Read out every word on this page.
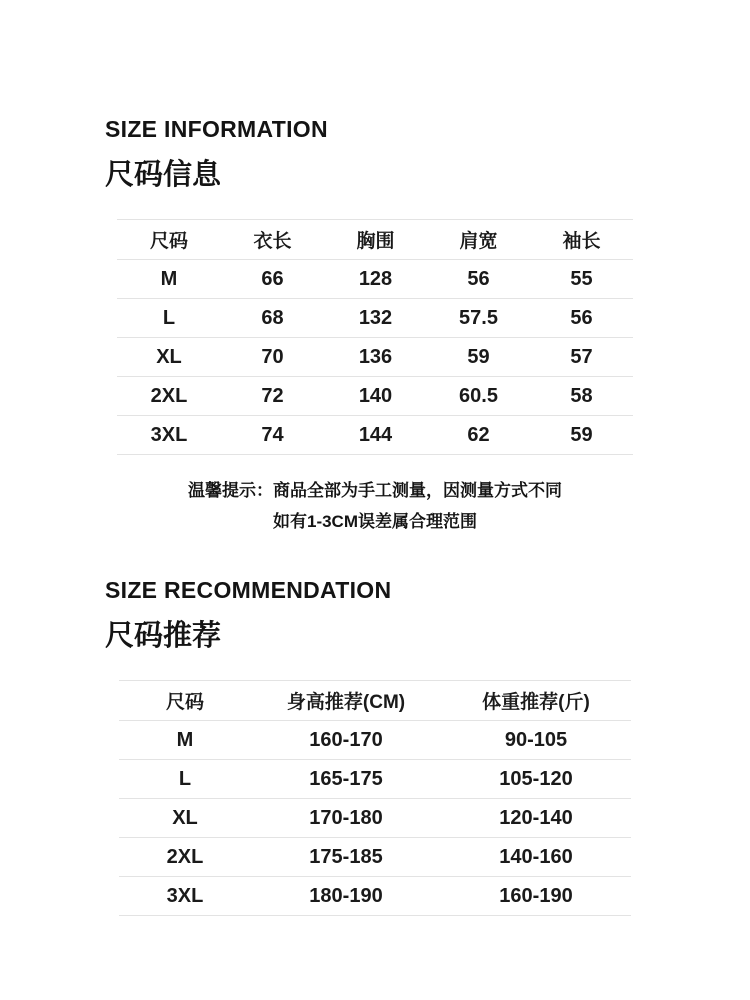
SIZE INFORMATION
尺码信息
尺码	衣长	胸围	肩宽	袖长
M	66	128	56	55
L	68	132	57.5	56
XL	70	136	59	57
2XL	72	140	60.5	58
3XL	74	144	62	59
温馨提示：商品全部为手工测量，因测量方式不同
如有1-3CM误差属合理范围
SIZE RECOMMENDATION
尺码推荐
尺码	身高推荐(CM)	体重推荐(斤)
M	160-170	90-105
L	165-175	105-120
XL	170-180	120-140
2XL	175-185	140-160
3XL	180-190	160-190
